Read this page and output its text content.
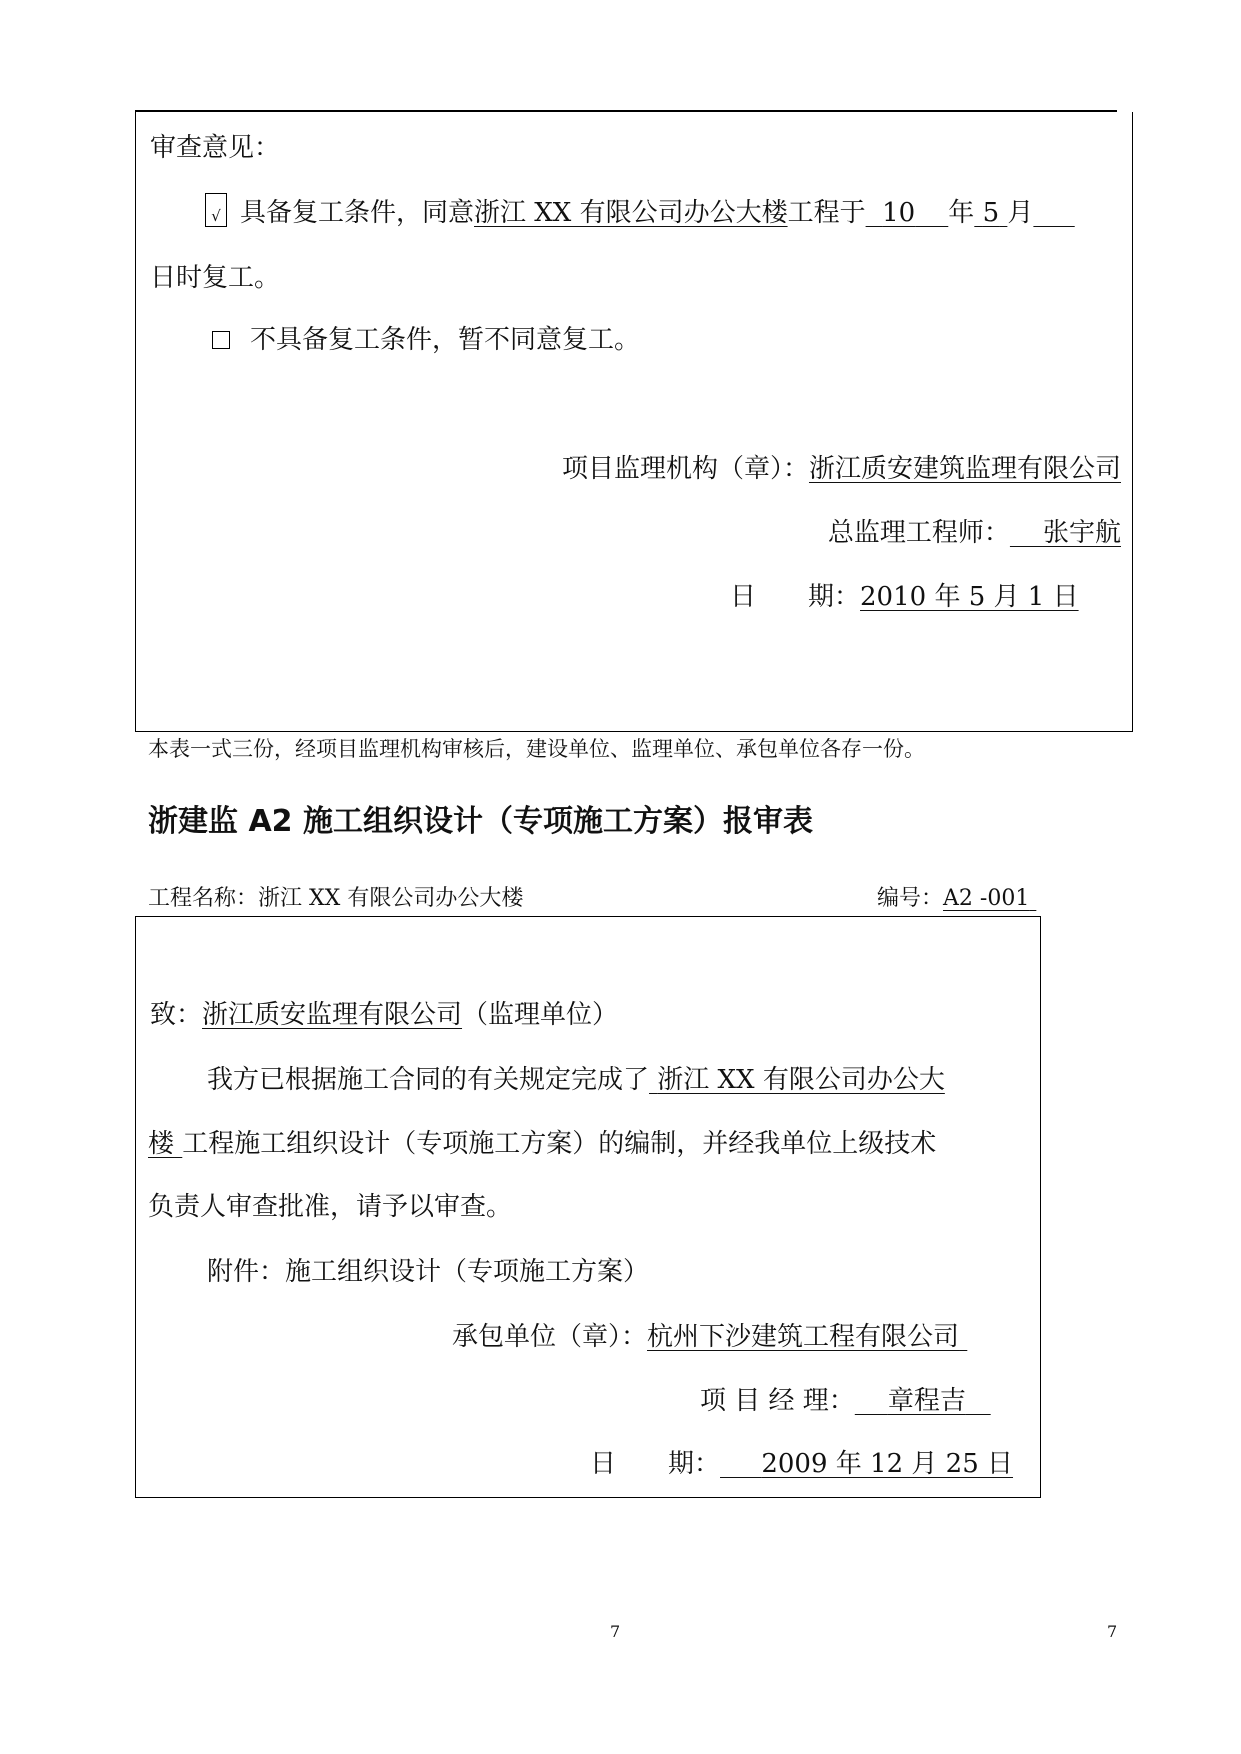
审查意见：
√ 具备复工条件，同意浙江 XX 有限公司办公大楼工程于 10 年 5 月
日时复工。
不具备复工条件，暂不同意复工。
项目监理机构（章）：浙江质安建筑监理有限公司
总监理工程师： 张宇航
日　　期：2010 年 5 月 1 日
本表一式三份，经项目监理机构审核后，建设单位、监理单位、承包单位各存一份。
浙建监 A2 施工组织设计（专项施工方案）报审表
工程名称：浙江 XX 有限公司办公大楼	编号：A2 -001
致：浙江质安监理有限公司（监理单位）
我方已根据施工合同的有关规定完成了 浙江 XX 有限公司办公大
楼 工程施工组织设计（专项施工方案）的编制，并经我单位上级技术
负责人审查批准，请予以审查。
附件：施工组织设计（专项施工方案）
承包单位（章）：杭州下沙建筑工程有限公司
项 目 经 理： 章程吉
日　　期： 2009 年 12 月 25 日
7	7
